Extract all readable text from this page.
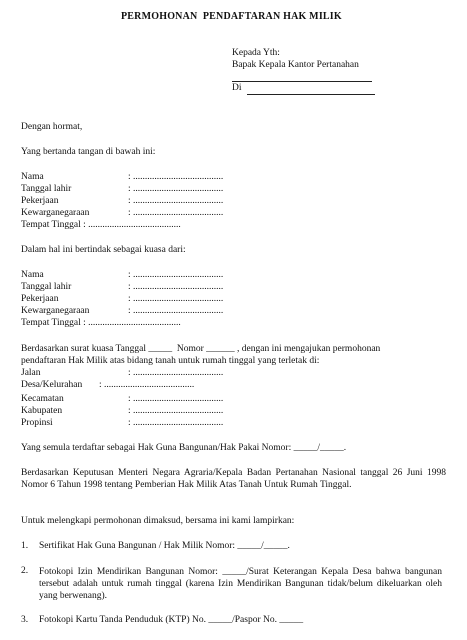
PERMOHONAN  PENDAFTARAN HAK MILIK
Kepada Yth:
Bapak Kepala Kantor Pertanahan
Di
Dengan hormat,
Yang bertanda tangan di bawah ini:
Nama	: ......................................
Tanggal lahir	: ......................................
Pekerjaan	: ......................................
Kewarganegaraan	: ......................................
Tempat Tinggal : .......................................
Dalam hal ini bertindak sebagai kuasa dari:
Nama	: ......................................
Tanggal lahir	: ......................................
Pekerjaan	: ......................................
Kewarganegaraan	: ......................................
Tempat Tinggal : .......................................
Berdasarkan surat kuasa Tanggal _____  Nomor ______ , dengan ini mengajukan permohonan
pendaftaran Hak Milik atas bidang tanah untuk rumah tinggal yang terletak di:
Jalan	: ......................................
Desa/Kelurahan : ......................................
Kecamatan	: ......................................
Kabupaten	: ......................................
Propinsi	: ......................................
Yang semula terdaftar sebagai Hak Guna Bangunan/Hak Pakai Nomor: _____/_____.
Berdasarkan Keputusan Menteri Negara Agraria/Kepala Badan Pertanahan Nasional tanggal 26 Juni 1998 Nomor 6 Tahun 1998 tentang Pemberian Hak Milik Atas Tanah Untuk Rumah Tinggal.
Untuk melengkapi permohonan dimaksud, bersama ini kami lampirkan:
1. Sertifikat Hak Guna Bangunan / Hak Milik Nomor: _____/_____.
2. Fotokopi Izin Mendirikan Bangunan Nomor: _____/Surat Keterangan Kepala Desa bahwa bangunan tersebut adalah untuk rumah tinggal (karena Izin Mendirikan Bangunan tidak/belum dikeluarkan oleh yang berwenang).
3. Fotokopi Kartu Tanda Penduduk (KTP) No. _____/Paspor No. _____
